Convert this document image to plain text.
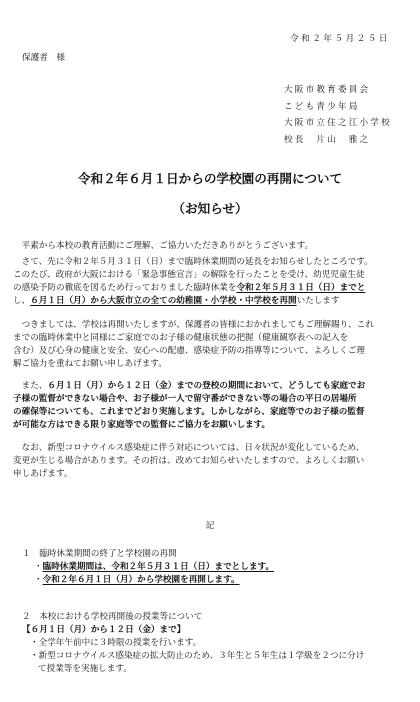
令和２年５月２５日
保護者　様
大阪市教育委員会
こども青少年局
大阪市立住之江小学校
校長　片山　雅之
令和２年６月１日からの学校園の再開について
（お知らせ）
　平素から本校の教育活動にご理解、ご協力いただきありがとうございます。
　さて、先に令和２年５月３１日（日）まで臨時休業期間の延長をお知らせしたところです。
このたび、政府が大阪における「緊急事態宣言」の解除を行ったことを受け、幼児児童生徒
の感染予防の徹底を図るため行っておりました臨時休業を令和２年５月３１日（日）までと
し、６月１日（月）から大阪市立の全ての幼稚園・小学校・中学校を再開いたします
　つきましては、学校は再開いたしますが、保護者の皆様におかれましてもご理解賜り、これ
までの臨時休業中と同様にご家庭でのお子様の健康状態の把握（健康観察表への記入を
含む）及び心身の健康と安全、安心への配慮、感染症予防の指導等について、よろしくご理
解ご協力を重ねてお願い申しあげます。
　また、６月１日（月）から１２日（金）までの登校の期間において、どうしても家庭でお
子様の監督ができない場合や、お子様が一人で留守番ができない等の場合の平日の居場所
の確保等についても、これまでどおり実施します。しかしながら、家庭等でのお子様の監督
が可能な方はできる限り家庭等での監督にご協力をお願いします。
　なお、新型コロナウイルス感染症に伴う対応については、日々状況が変化しているため、
変更が生じる場合があります。その折は、改めてお知らせいたしますので、よろしくお願い
申しあげます。
記
１　臨時休業期間の終了と学校園の再開
・臨時休業期間は、令和２年５月３１日（日）までとします。
・令和２年６月１日（月）から学校園を再開します。
２　本校における学校再開後の授業等について
【６月１日（月）から１２日（金）まで】
・全学年午前中に３時限の授業を行います。
・新型コロナウイルス感染症の拡大防止のため、３年生と５年生は１学級を２つに分け
て授業等を実施します。
